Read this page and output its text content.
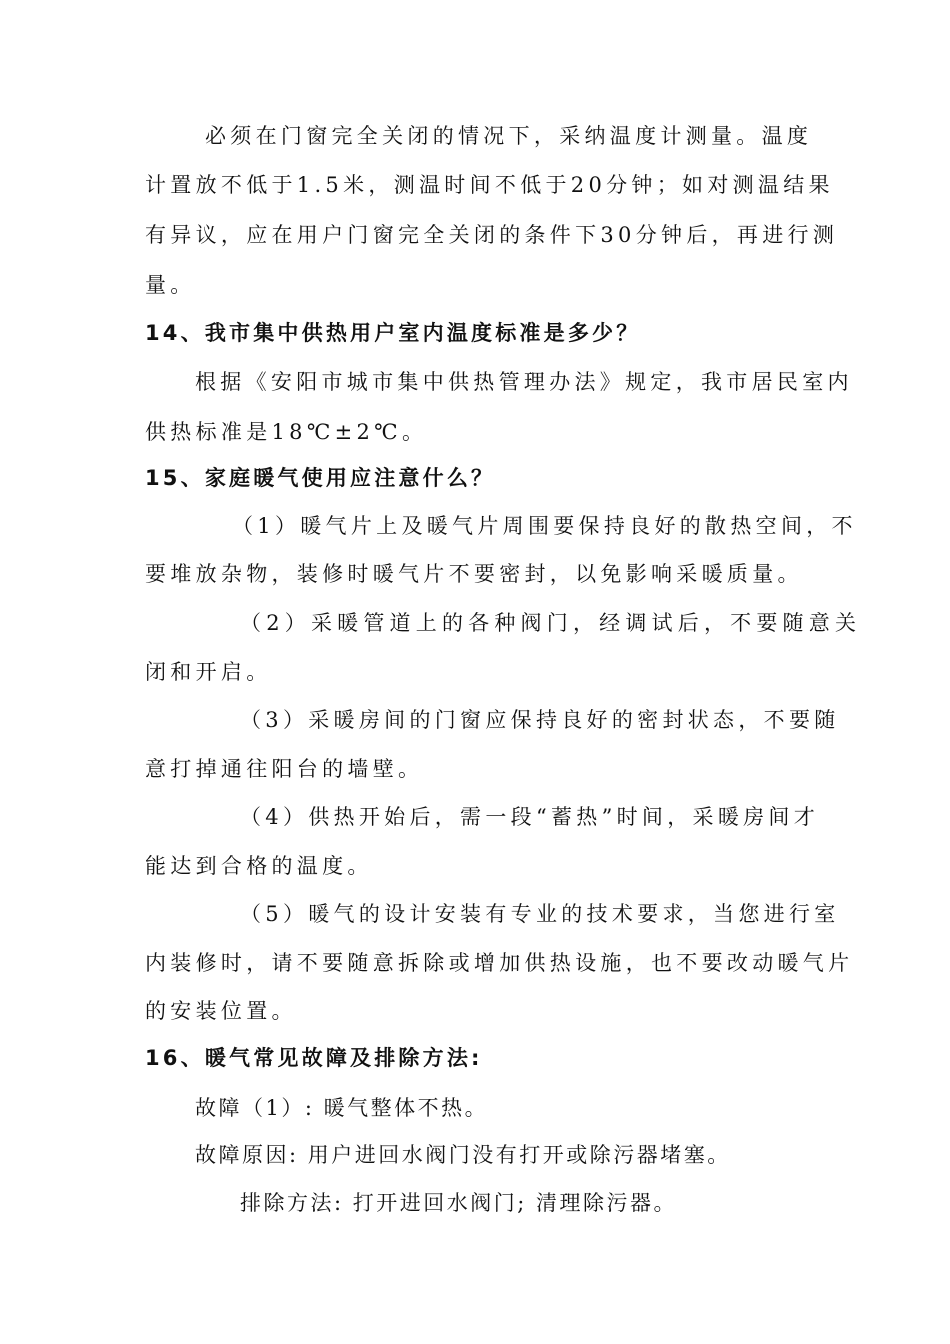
必须在门窗完全关闭的情况下，采纳温度计测量。温度
计置放不低于1.5米，测温时间不低于20分钟；如对测温结果
有异议，应在用户门窗完全关闭的条件下30分钟后，再进行测
量。
14、我市集中供热用户室内温度标准是多少？
根据《安阳市城市集中供热管理办法》规定，我市居民室内
供热标准是18℃±2℃。
15、家庭暖气使用应注意什么？
（1）暖气片上及暖气片周围要保持良好的散热空间，不
要堆放杂物，装修时暖气片不要密封，以免影响采暖质量。
（2）采暖管道上的各种阀门，经调试后，不要随意关
闭和开启。
（3）采暖房间的门窗应保持良好的密封状态，不要随
意打掉通往阳台的墙壁。
（4）供热开始后，需一段“蓄热”时间，采暖房间才
能达到合格的温度。
（5）暖气的设计安装有专业的技术要求，当您进行室
内装修时，请不要随意拆除或增加供热设施，也不要改动暖气片
的安装位置。
16、暖气常见故障及排除方法:
故障（1）: 暖气整体不热。
故障原因: 用户进回水阀门没有打开或除污器堵塞。
排除方法: 打开进回水阀门; 清理除污器。
